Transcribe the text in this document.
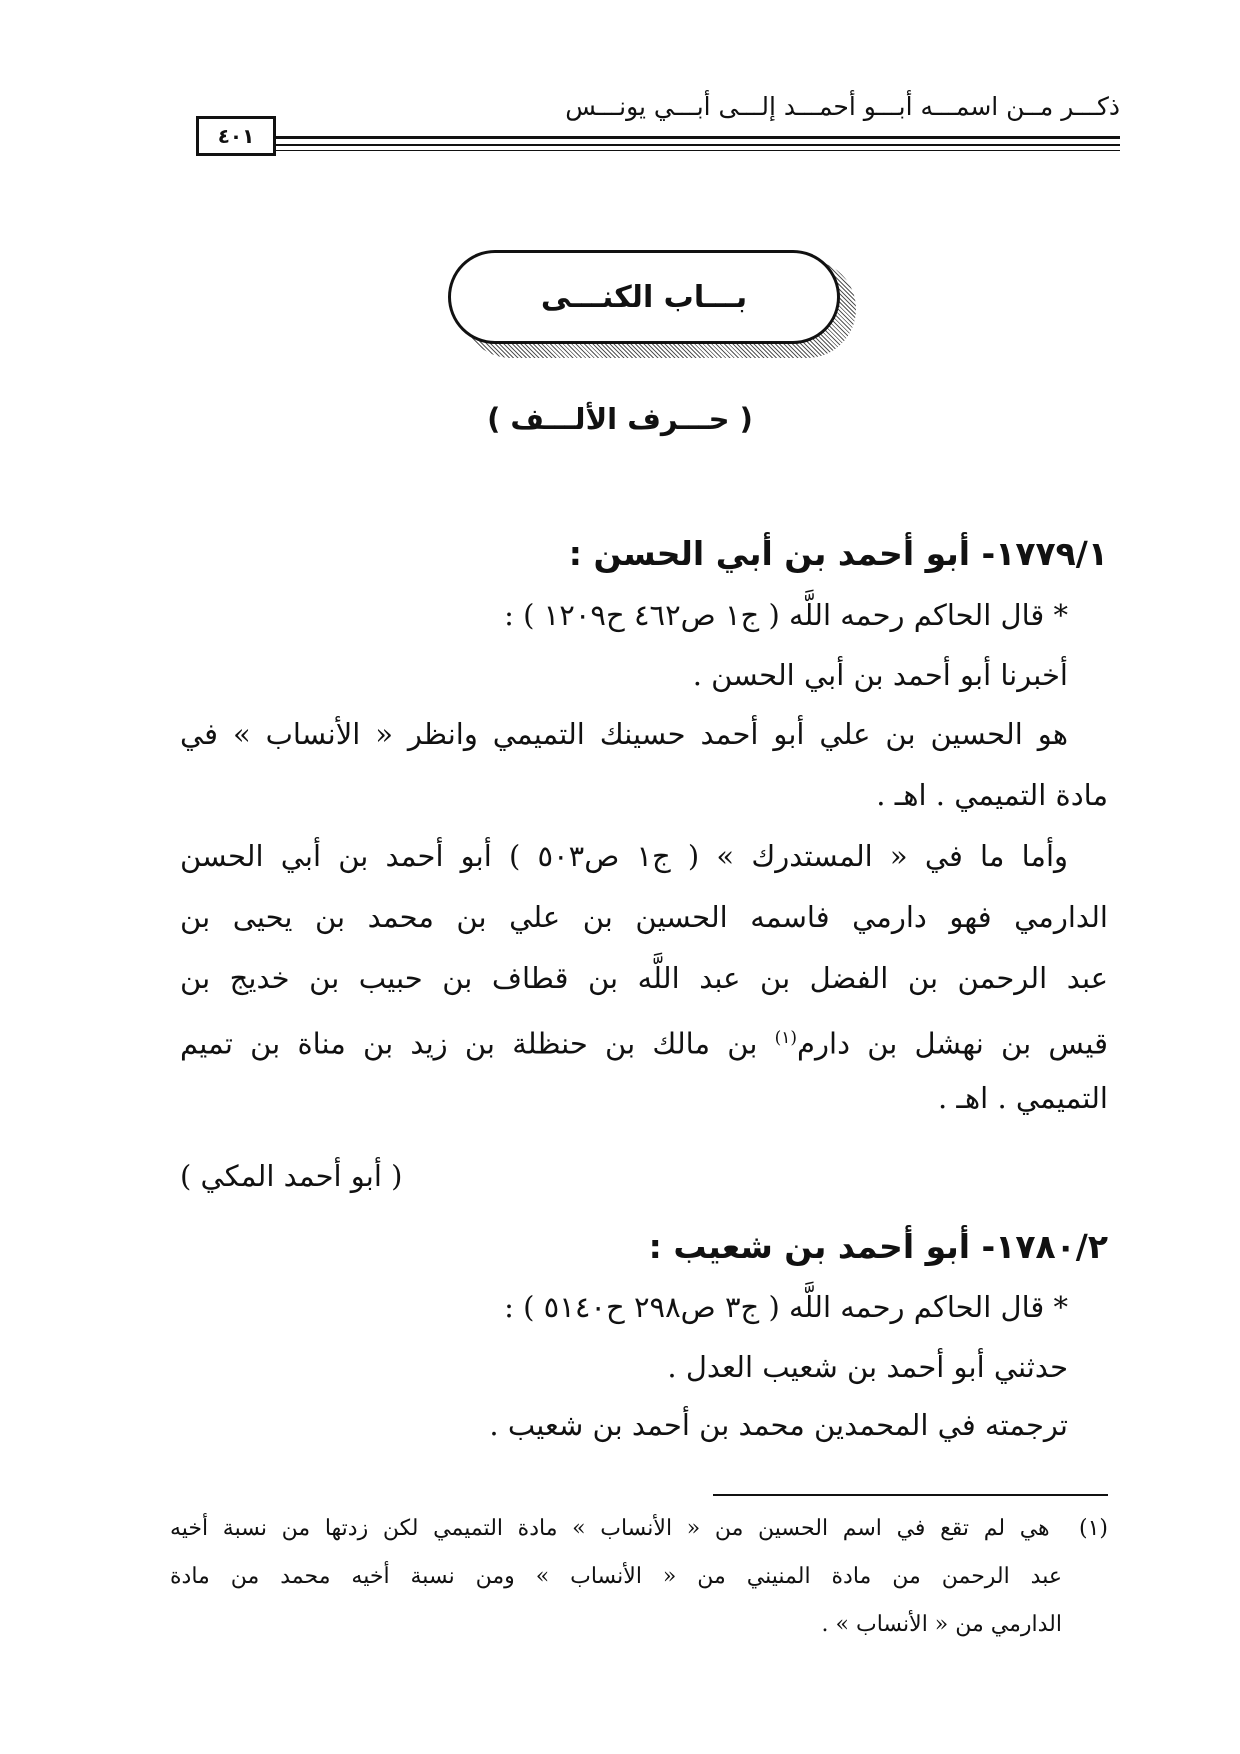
٤٠١
ذكـــر مــن اسمـــه أبـــو أحمـــد إلـــى أبـــي يونـــس
بـــاب الكنـــى
( حـــرف الألـــف )
١٧٧٩/١- أبو أحمد بن أبي الحسن :
* قال الحاكم رحمه اللَّه ( ج١ ص٤٦٢ ح١٢٠٩ ) :
أخبرنا أبو أحمد بن أبي الحسن .
هو الحسين بن علي أبو أحمد حسينك التميمي وانظر « الأنساب » في
مادة التميمي . اهـ .
وأما ما في « المستدرك » ( ج١ ص٥٠٣ ) أبو أحمد بن أبي الحسن
الدارمي فهو دارمي فاسمه الحسين بن علي بن محمد بن يحيى بن
عبد الرحمن بن الفضل بن عبد اللَّه بن قطاف بن حبيب بن خديج بن
قيس بن نهشل بن دارم$^{(١)}$ بن مالك بن حنظلة بن زيد بن مناة بن تميم
التميمي . اهـ .
( أبو أحمد المكي )
١٧٨٠/٢- أبو أحمد بن شعيب :
* قال الحاكم رحمه اللَّه ( ج٣ ص٢٩٨ ح٥١٤٠ ) :
حدثني أبو أحمد بن شعيب العدل .
ترجمته في المحمدين محمد بن أحمد بن شعيب .
(١)  هي لم تقع في اسم الحسين من « الأنساب » مادة التميمي لكن زدتها من نسبة أخيه
عبد الرحمن من مادة المنيني من « الأنساب » ومن نسبة أخيه محمد من مادة
الدارمي من « الأنساب » .
